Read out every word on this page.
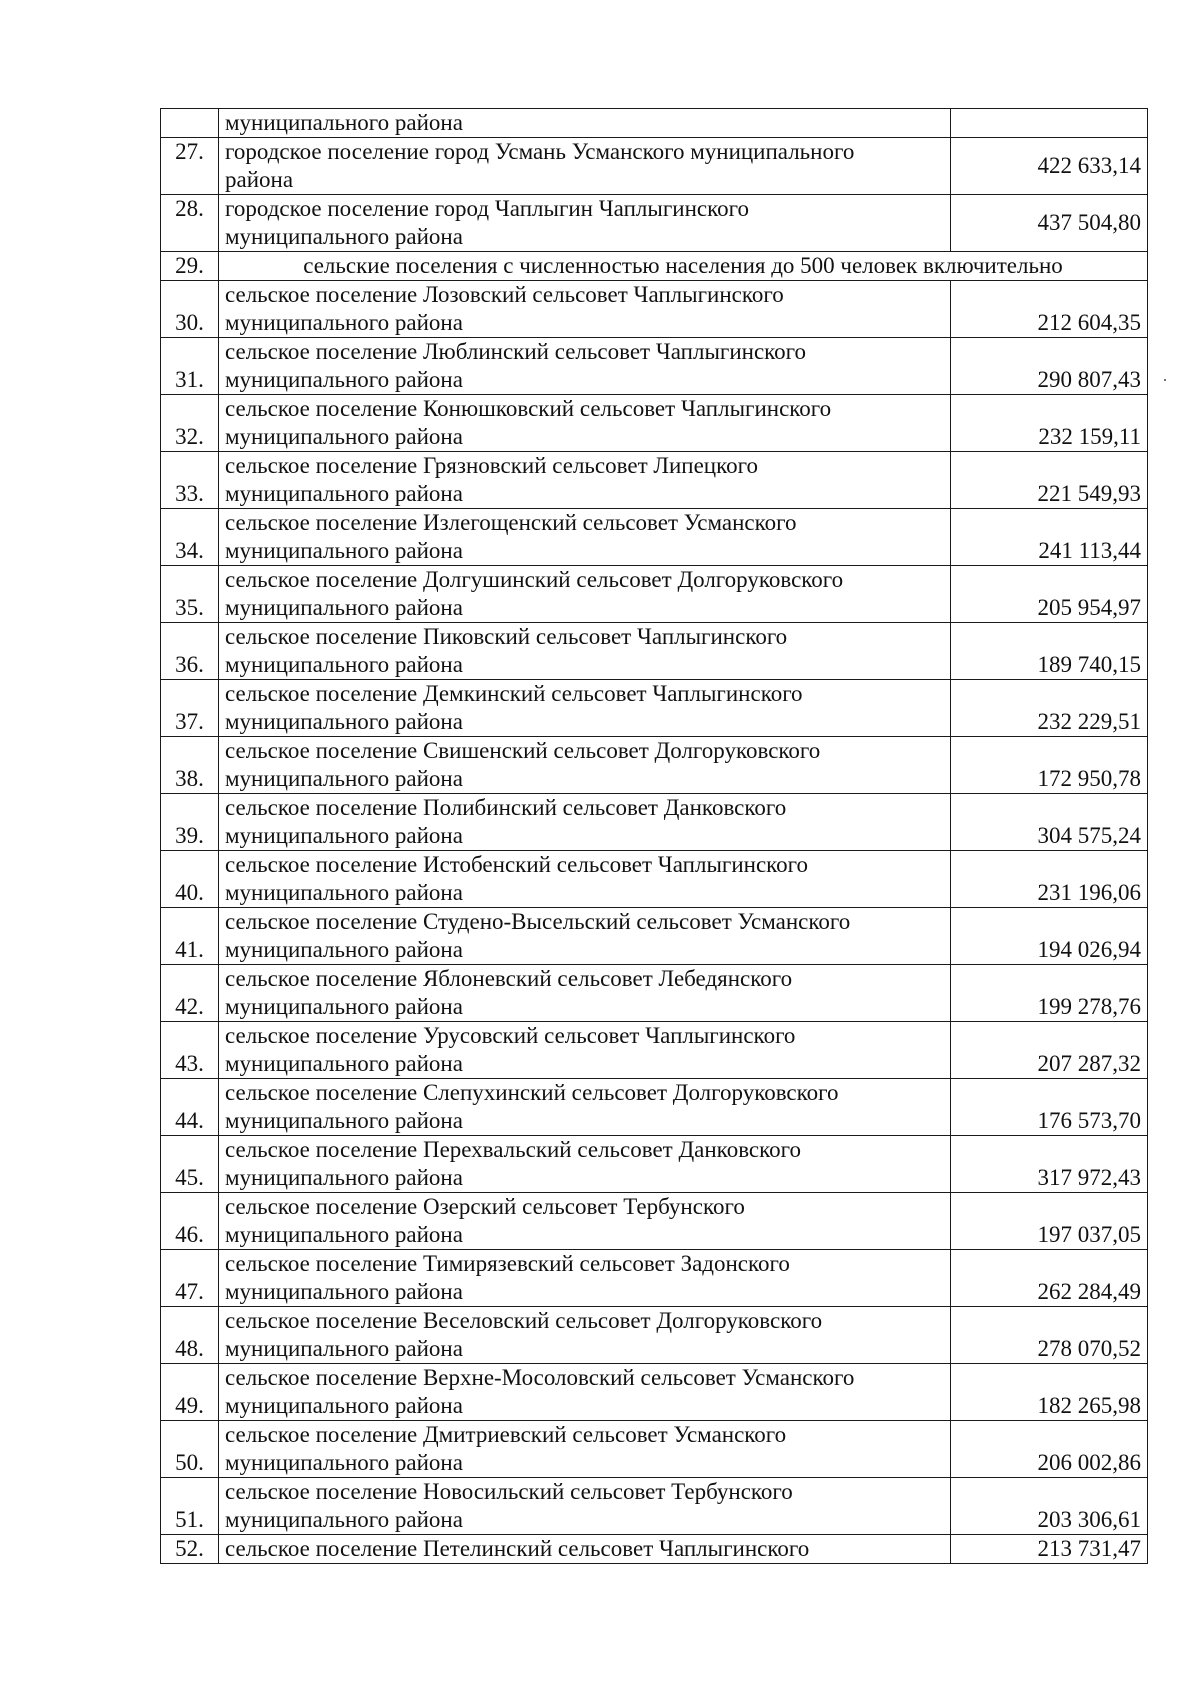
	муниципального района	
27.	городское поселение город Усмань Усманского муниципального
района	422 633,14
28.	городское поселение город Чаплыгин Чаплыгинского
муниципального района	437 504,80
29.	сельские поселения с численностью населения до 500 человек включительно	
30.	сельское поселение Лозовский сельсовет Чаплыгинского
муниципального района	212 604,35
31.	сельское поселение Люблинский сельсовет Чаплыгинского
муниципального района	290 807,43
32.	сельское поселение Конюшковский сельсовет Чаплыгинского
муниципального района	232 159,11
33.	сельское поселение Грязновский сельсовет Липецкого
муниципального района	221 549,93
34.	сельское поселение Излегощенский сельсовет Усманского
муниципального района	241 113,44
35.	сельское поселение Долгушинский сельсовет Долгоруковского
муниципального района	205 954,97
36.	сельское поселение Пиковский сельсовет Чаплыгинского
муниципального района	189 740,15
37.	сельское поселение Демкинский сельсовет Чаплыгинского
муниципального района	232 229,51
38.	сельское поселение Свишенский сельсовет Долгоруковского
муниципального района	172 950,78
39.	сельское поселение Полибинский сельсовет Данковского
муниципального района	304 575,24
40.	сельское поселение Истобенский сельсовет Чаплыгинского
муниципального района	231 196,06
41.	сельское поселение Студено-Высельский сельсовет Усманского
муниципального района	194 026,94
42.	сельское поселение Яблоневский сельсовет Лебедянского
муниципального района	199 278,76
43.	сельское поселение Урусовский сельсовет Чаплыгинского
муниципального района	207 287,32
44.	сельское поселение Слепухинский сельсовет Долгоруковского
муниципального района	176 573,70
45.	сельское поселение Перехвальский сельсовет Данковского
муниципального района	317 972,43
46.	сельское поселение Озерский сельсовет Тербунского
муниципального района	197 037,05
47.	сельское поселение Тимирязевский сельсовет Задонского
муниципального района	262 284,49
48.	сельское поселение Веселовский сельсовет Долгоруковского
муниципального района	278 070,52
49.	сельское поселение Верхне-Мосоловский сельсовет Усманского
муниципального района	182 265,98
50.	сельское поселение Дмитриевский сельсовет Усманского
муниципального района	206 002,86
51.	сельское поселение Новосильский сельсовет Тербунского
муниципального района	203 306,61
52.	сельское поселение Петелинский сельсовет Чаплыгинского	213 731,47
